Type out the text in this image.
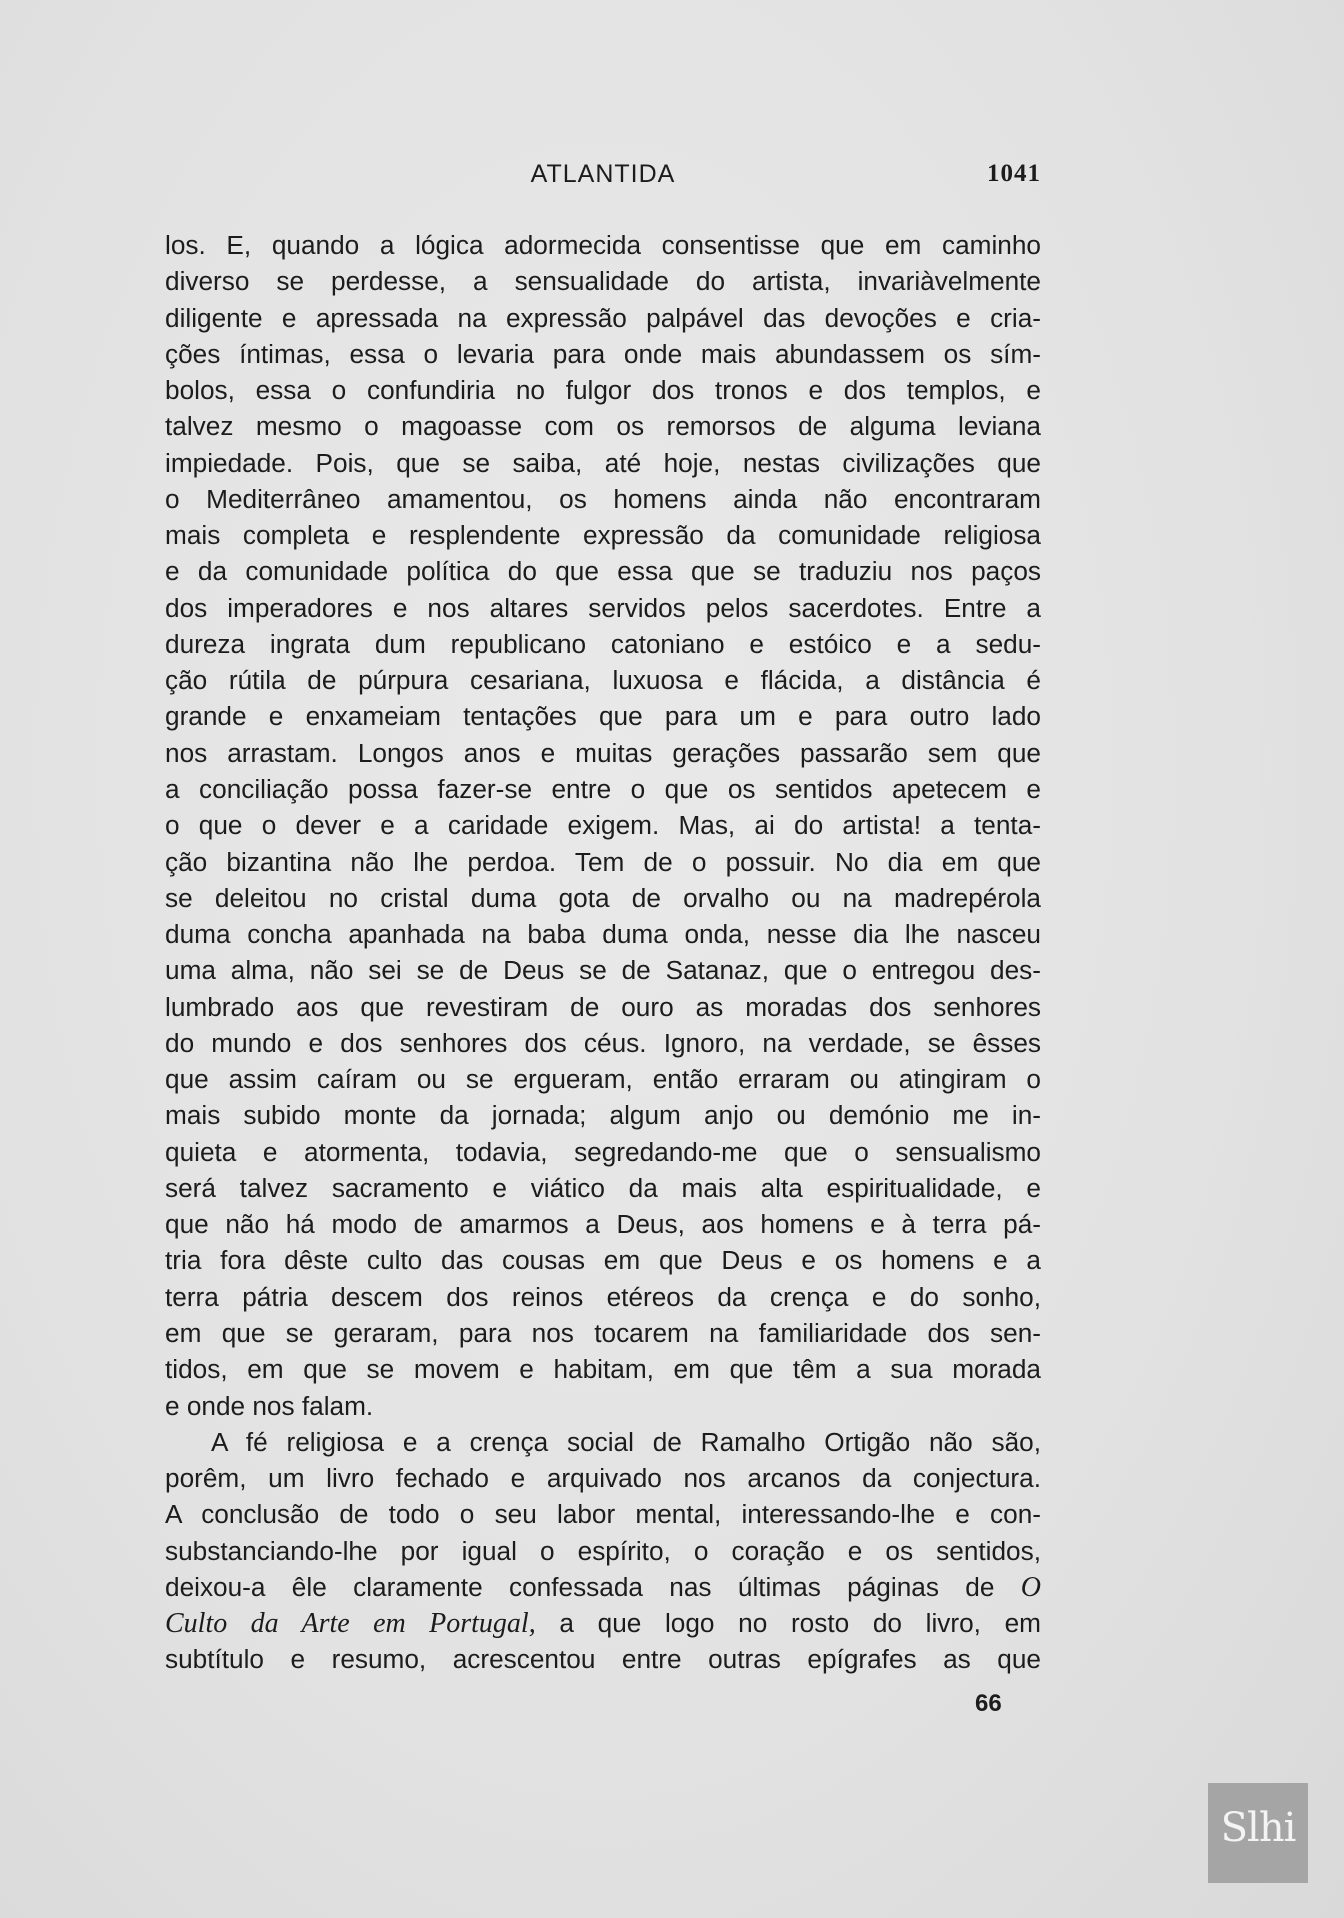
ATLANTIDA	1041
los. E, quando a lógica adormecida consentisse que em caminho
diverso se perdesse, a sensualidade do artista, invariàvelmente
diligente e apressada na expressão palpável das devoções e cria-
ções íntimas, essa o levaria para onde mais abundassem os sím-
bolos, essa o confundiria no fulgor dos tronos e dos templos, e
talvez mesmo o magoasse com os remorsos de alguma leviana
impiedade. Pois, que se saiba, até hoje, nestas civilizações que
o Mediterrâneo amamentou, os homens ainda não encontraram
mais completa e resplendente expressão da comunidade religiosa
e da comunidade política do que essa que se traduziu nos paços
dos imperadores e nos altares servidos pelos sacerdotes. Entre a
dureza ingrata dum republicano catoniano e estóico e a sedu-
ção rútila de púrpura cesariana, luxuosa e flácida, a distância é
grande e enxameiam tentações que para um e para outro lado
nos arrastam. Longos anos e muitas gerações passarão sem que
a conciliação possa fazer-se entre o que os sentidos apetecem e
o que o dever e a caridade exigem. Mas, ai do artista! a tenta-
ção bizantina não lhe perdoa. Tem de o possuir. No dia em que
se deleitou no cristal duma gota de orvalho ou na madrepérola
duma concha apanhada na baba duma onda, nesse dia lhe nasceu
uma alma, não sei se de Deus se de Satanaz, que o entregou des-
lumbrado aos que revestiram de ouro as moradas dos senhores
do mundo e dos senhores dos céus. Ignoro, na verdade, se êsses
que assim caíram ou se ergueram, então erraram ou atingiram o
mais subido monte da jornada; algum anjo ou demónio me in-
quieta e atormenta, todavia, segredando-me que o sensualismo
será talvez sacramento e viático da mais alta espiritualidade, e
que não há modo de amarmos a Deus, aos homens e à terra pá-
tria fora dêste culto das cousas em que Deus e os homens e a
terra pátria descem dos reinos etéreos da crença e do sonho,
em que se geraram, para nos tocarem na familiaridade dos sen-
tidos, em que se movem e habitam, em que têm a sua morada
e onde nos falam.
A fé religiosa e a crença social de Ramalho Ortigão não são,
porêm, um livro fechado e arquivado nos arcanos da conjectura.
A conclusão de todo o seu labor mental, interessando-lhe e con-
substanciando-lhe por igual o espírito, o coração e os sentidos,
deixou-a êle claramente confessada nas últimas páginas de O
Culto da Arte em Portugal, a que logo no rosto do livro, em
subtítulo e resumo, acrescentou entre outras epígrafes as que
66
Slhi
